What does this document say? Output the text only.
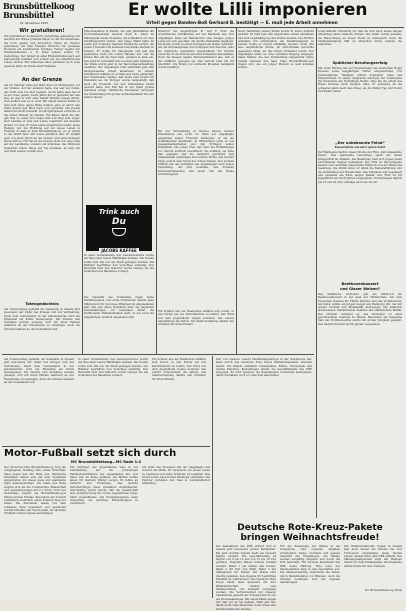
Brunsbüttelkoog
Brunsbüttel
21. November 1953
Er wollte Lilli imponieren
Urteil gegen Banden-Boß Gerhard B. bestätigt — E. muß jede Arbeit annehmen
Wir gratulieren!
Wir gratulieren! Zu ihrem 80. Geburtstag gratulieren wir herzlich der Witwe Johanna Meyer in der Kirchenstraße, die noch geistig und körperlich rüstig ist. Ebenso gratulieren wir dem Ehepaar Hinrichs zur goldenen Hochzeit am kommenden Sonntag. Ferner begeht der Schmiedemeister a. D. Peter Jensen seinen 75. Geburtstag. Der Jubilar ist allen Brunsbüttelkoogern seit Jahrzehnten bekannt und schaut auf ein arbeitsreiches Leben zurück. Wir wünschen allen Jubilaren noch viele gesunde Jahre im Kreise ihrer Familien.
An der Grenze
Am 16. Februar stehe der Wart, kurz vor Mitternacht, vor der Grenze. Auf der anderen Seite, das war der Osten, der nicht weit von hier beginnt. Sechs Jahre lang hat er in der Zone gelebt, sechs Jahre hat er gewartet auf den Tag, an dem er sich ohne Gefahr hinüber wagen durfte. Nun endlich war es so weit. Mit einem kleinen Koffer, in dem sich seine ganze Habe befand, ging er durch den Wald, immer den Blick nach vorn gerichtet. Die Posten hatten ihn nicht bemerkt. Im Morgengrauen erreichte er die ersten Häuser im Westen. Ein Bauer nahm ihn auf, gab ihm zu essen und zeigte ihm den Weg zum Lager. Dort meldete er sich und wurde registriert wie tausend andere vor ihm. Er hatte keine Angehörigen mehr, keine Heimat, nur die Hoffnung auf ein neues Leben in Freiheit. So kam er nach Brunsbüttelkoog, wo er Arbeit in der Werft fand und heute glücklich lebt. Er erzählt gern von jener Nacht an der Grenze, und seine Kollegen hören ihm zu. Für ihn ist die Grenze nicht nur eine Linie auf der Landkarte, sondern ein Schicksal, das Millionen Deutscher teilen. Möge der Tag kommen, an dem Ost und West wieder vereint sind.
Totengedächtnis
Am Totensonntag gedenkt die Gemeinde in diesem Jahr besonders der Opfer des Krieges und der Vertreibung. Nach dem Gottesdienst in der Jakobuskirche wird am Ehrenmal ein Kranz niedergelegt. Die Vereine und Verbände werden gebeten, sich mit ihren Fahnen zahlreich an der Feierstunde zu beteiligen. Auch die Schulen nehmen an der Gedenkfeier teil.
Elbe-Neujahres in Kuden, die seit Jahrzehnten am Nord-Ostsee-Kanal lebende Ruth K. stand im Mittelpunkt dieser Romanze, die schließlich vor dem Schöffengericht endete. Der junge Mann hatte im Laufe des Sommers mehrere Einbrüche verübt, um seiner Freundin Lilli kostbare Geschenke machen zu können. Er wollte ihr imponieren und gab das gestohlene Geld mit vollen Händen aus. Als die Polizei ihm auf die Spur kam, gestand er alles ein. Das Gericht verurteilte ihn zu einem Jahr Gefängnis, die Strafe wurde jetzt in der Berufungsverhandlung bestätigt. Der Angeklagte muß außerdem jede ihm nachgewiesene Arbeit annehmen. In seinem Schlußwort erklärte er, er habe aus Liebe gehandelt. Der Vorsitzende meinte, daß Liebe kein Grund für Diebstahl sei. Im übrigen wurde festgestellt, daß auch die Freundin von den Diebstählen nichts gewußt habe. Der Fall hat in der Stadt großes Aufsehen erregt. Zahlreiche Zuschauer verfolgten die Verhandlung mit großer Aufmerksamkeit bis zum späten Abend.
In einer Versammlung des Gewerbevereins wurde der Bau einer neuen Markthalle beraten. Die Kosten sollen zum Teil von der Stadt getragen werden. Die Händler begrüßten den Vorschlag einmütig. Der Beschluß über den Standort wurde vertagt, bis ein Gutachten des Bauamtes vorliegt.
Die Neuwahl des Vorstandes ergab keine Veränderungen. Der erste Vorsitzende dankte allen Mitgliedern für die treue Mitarbeit im abgelaufenen Jahr und gab einen Überblick über die geplanten Veranstaltungen. Im Dezember findet die traditionelle Weihnachtsfeier statt, zu der auch die Angehörigen herzlich eingeladen sind.
Trink auch
Du
JACOBS KAFFEE
Widerruf die Angehörigen B. und F. über die erschütterten Verhältnisse auf der Baustelle aus. Der Angeklagte hatte als Bandenchef eine Gruppe junger Leute um sich geschart, die nachts Diebstähle begingen. Die Beute wurde in einem Schuppen am Hafen versteckt. Als die Kriminalpolizei den Schuppen durchsuchte, fand sie zahlreiche gestohlene Gegenstände. Vor Gericht versuchte B. die Schuld auf seine Komplizen abzuwälzen. Doch die Zeugen sagten übereinstimmend aus, daß er der Anführer gewesen sei. Das Gericht hielt ihn für überführt. Die Strafe von achtzehn Monaten Gefängnis wurde bestätigt.
Bei der Verhandlung in Itzehoe kamen weitere Einzelheiten ans Licht. So hatte der Angeklagte gegenüber seiner Freundin behauptet, er sei ein wohlhabender Kaufmann. In Wirklichkeit lebte er von Gelegenheitsarbeiten und den Erträgen seiner Diebstähle. Die junge Frau war über die Enthüllungen vor Gericht sichtlich erschüttert. Sie erklärte, sie habe ihm geglaubt und nie Verdacht geschöpft. Der Staatsanwalt beantragte eine höhere Strafe, das Gericht folgte jedoch dem Urteil der ersten Instanz. Von großem Einfluß war das Verhalten des Angeklagten nach seiner Verhaftung, der sich bemühte, den Schaden wiedergutzumachen und einen Teil der Beute zurückzugeben.
Ein Schüler aus der Realschule erklärte sich bereit, in den Ferien bei der Kartoffelernte zu helfen. Der Erlös soll dem Jugendheim zugute kommen. Die Lehrer unterstützen die Aktion. Die Stadtverwaltung dankte den Schülern für ihren Einsatz.
Nach Verbüßung seiner Strafe wurde B. unter Aufsicht gestellt. Er muß jede ihm angebotene Arbeit annehmen und sich regelmäßig bei der Polizei melden. Der Richter ermahnte ihn eindringlich, die Bewährungszeit zu nutzen. Sollte er erneut straffällig werden, droht ihm eine empfindliche Strafe. Im Gerichtssaal herrschte gespannte Stille, als das Urteil verkündet wurde. Der Angeklagte nahm es ohne sichtbare Regung entgegen. Seine Mutter, die der Verhandlung beigewohnt hatte, verließ weinend den Saal. Viele Brunsbüttelkooger fragen sich, wie ein junger Mensch so weit kommen konnte.
sonst äußerst schmutzig ist, daß sie sich nach einem langen Arbeitstag kaum säubern können. Die Stadt wurde gebeten, die Beleuchtung an dieser Stelle zu verbessern. Auch die Straßenreinigung läßt zu wünschen übrig, meinen die Anwohner.
Spätlicher Berufungserfolg
Mit einer Ehrung hat der Kreisverband des Deutschen Roten Kreuzes seine langjährigen Helfer ausgezeichnet. Für zwanzigjährige Tätigkeit erhielt Schwester Anna das Ehrenzeichen. In seiner Ansprache würdigte der Vorsitzende die Verdienste der freiwilligen Helfer, ohne die die Arbeit des Roten Kreuzes nicht möglich wäre. Er erinnerte an die schweren Jahre nach dem Krieg, als die Helfer Tag und Nacht im Einsatz waren.
„Der unbekannte Feind“
Kinoerlebnis auf einer guten Fahrt
Im Filmtheater läuft in dieser Woche der Film „Der unbekannte Feind“. Das spannende Geschehen spielt auf einem Kriegsschiff im Atlantik. Die Besatzung muß sich gegen einen unsichtbaren Gegner behaupten. Der Film ist hervorragend besetzt und vermittelt einen tiefen Eindruck von der Härte des Seekriegs. Die Kritik lobte vor allem die Kameraführung und die Darstellung der Hauptrollen. Das Publikum war begeistert und spendete am Ende langen Beifall. Der Film ist für Jugendliche ab zwölf Jahren freigegeben. Vorstellungen täglich um 16 und 20 Uhr, sonntags auch um 14 Uhr.
Beethovenkonzert
und Glaser Weisen?
Das Städtische Orchester gab am Mittwoch ein Beethovenkonzert in der Aula der Mittelschule. Auf dem Programm standen die Fünfte Sinfonie und das Violinkonzert. Als Solist wirkte ein junger Geiger aus Hamburg mit, der mit großer Technik und Musikalität überzeugte. Die zahlreich erschienenen Musikfreunde dankten mit stürmischem Beifall. Der Dirigent verstand es, das Orchester zu einer geschlossenen Leistung zu führen. Besonders der langsame Satz des Violinkonzertes wurde mit großer Innigkeit gespielt. Das nächste Konzert ist für Januar vorgesehen.
Am Totensonntag gedenkt die Gemeinde in diesem Jahr besonders der Opfer des Krieges und der Vertreibung. Nach dem Gottesdienst in der Jakobuskirche wird am Ehrenmal ein Kranz niedergelegt. Die Vereine und Verbände werden gebeten, sich mit ihren Fahnen zahlreich an der Feierstunde zu beteiligen. Auch die Schulen nehmen an der Gedenkfeier teil.
In einer Versammlung des Gewerbevereins wurde der Bau einer neuen Markthalle beraten. Die Kosten sollen zum Teil von der Stadt getragen werden. Die Händler begrüßten den Vorschlag einmütig. Der Beschluß über den Standort wurde vertagt, bis ein Gutachten des Bauamtes vorliegt.
Ein Schüler aus der Realschule erklärte sich bereit, in den Ferien bei der Kartoffelernte zu helfen. Der Erlös soll dem Jugendheim zugute kommen. Die Lehrer unterstützen die Aktion. Die Stadtverwaltung dankte den Schülern für ihren Einsatz.
Deutsche Rote-Kreuz-Pakete
bringen Weihnachtsfreude!
Wer von unseren Lesern Familienangehörige in der Sowjetzone hat, kann durch das Deutsche Rote Kreuz Weihnachtspakete schicken lassen. Die Pakete enthalten Lebensmittel, Kaffee, Schokolade und warme Kleidung. Bestellungen nimmt die Geschäftsstelle des DRK entgegen. Es wird gebeten, die Bestellungen rechtzeitig aufzugeben, damit die Pakete noch vor dem Fest ankommen.
Motor-Fußball setzt sich durch
MC Brunsbüttelkoog—MC Rade 1:2
Der Motorrad-Club Brunsbüttelkoog trug am vergangenen Sonntag sein erstes Motorball-Spiel gegen den MC Rade aus. Zahlreiche Zuschauer hatten sich auf dem Sportplatz eingefunden, um dieses neue und spannende Spiel kennenzulernen. Die Gäste aus Rade zeigten sich als die routiniertere Mannschaft und gewannen knapp mit 2:1 Toren. Trotz der Niederlage zeigten die Brunsbüttelkooger Fahrer großen Einsatz. Besonders der Torwart verhinderte mehrfach einen höheren Sieg der Gäste. Die Zuschauer waren von dem schnellen Spiel begeistert und spendeten reichlich Beifall. Der Verein plant, im nächsten Frühjahr weitere Spiele auszutragen.
Ein Vertreter des Jugendamtes wies in der Verhandlung auf die schwierigen Familienverhältnisse des Angeklagten hin. Der Vater war im Krieg gefallen, die Mutter mußte allein für mehrere Kinder sorgen. Es fehlte an Aufsicht und Erziehung. Das Gericht berücksichtigte diese Umstände strafmildernd. Gleichzeitig wurde betont, daß die Gesellschaft eine Verantwortung für solche Jugendlichen trage. Mehr Jugendheime und Freizeitangebote seien notwendig, um derartige Entwicklungen zu verhindern.
Am Ende des Prozesses bat der Angeklagte das Gericht um Milde. Er versprach, ein neues Leben zu beginnen und seine Schulden zu bezahlen. Das Urteil wurde nach kurzer Beratung verkündet. Die Zuhörer verließen den Saal in nachdenklicher Stimmung.
Die Paketaktion des DRK erfreut sich in diesem Jahr besonders großer Beliebtheit. Bis jetzt wurden bereits mehr als tausend Pakete bestellt. Die Geschäftsstelle ist täglich von 9 bis 12 und von 15 bis 18 Uhr geöffnet. Folgende Pakete können bestellt werden: Paket 1 mit Kaffee und Zucker, Paket 2 mit Fett und Mehl, Paket 3 mit Süßigkeiten für Kinder. Die Preise sind niedrig gehalten. Jede Spende für bedürftige Familien ist willkommen. Das Deutsche Rote Kreuz dankt allen Spendern für ihre Hilfsbereitschaft. Gerade zum Weihnachtsfest soll niemand vergessen werden. Die Verbundenheit mit unseren Landsleuten jenseits der Zonengrenze ist uns ein Herzensanliegen. Mit einem Paket zeigen wir, daß wir an sie denken. Helft alle mit, damit recht viele Menschen in der Zone eine Weihnachtsfreude erleben.
Für die Zusendung der Pakete in die Sowjetzone sind folgende Angaben erforderlich: Name, Vorname und genaue Anschrift des Empfängers. Die Pakete werden sorgfältig verpackt und durch die Post befördert. Für Verluste übernimmt das DRK keine Haftung. Eine Liste der Sammelstellen liegt in den Geschäften aus. Die Stadtverwaltung unterstützt die Aktion durch Bereitstellung von Räumen. Auch die Schulen beteiligen sich mit eigenen Sammlungen.
Zur Weihnachtsfreude tragen in diesem Jahr auch wieder die Vereine bei. Der Turnverein veranstaltet einen bunten Abend, dessen Erlös dem DRK zufließt. Der Männergesangverein singt am Heiligen Abend vor dem Krankenhaus. Die Kaufleute stiften Preise für eine Tombola.
Ihr Brunsbüttelkoog Gruß
